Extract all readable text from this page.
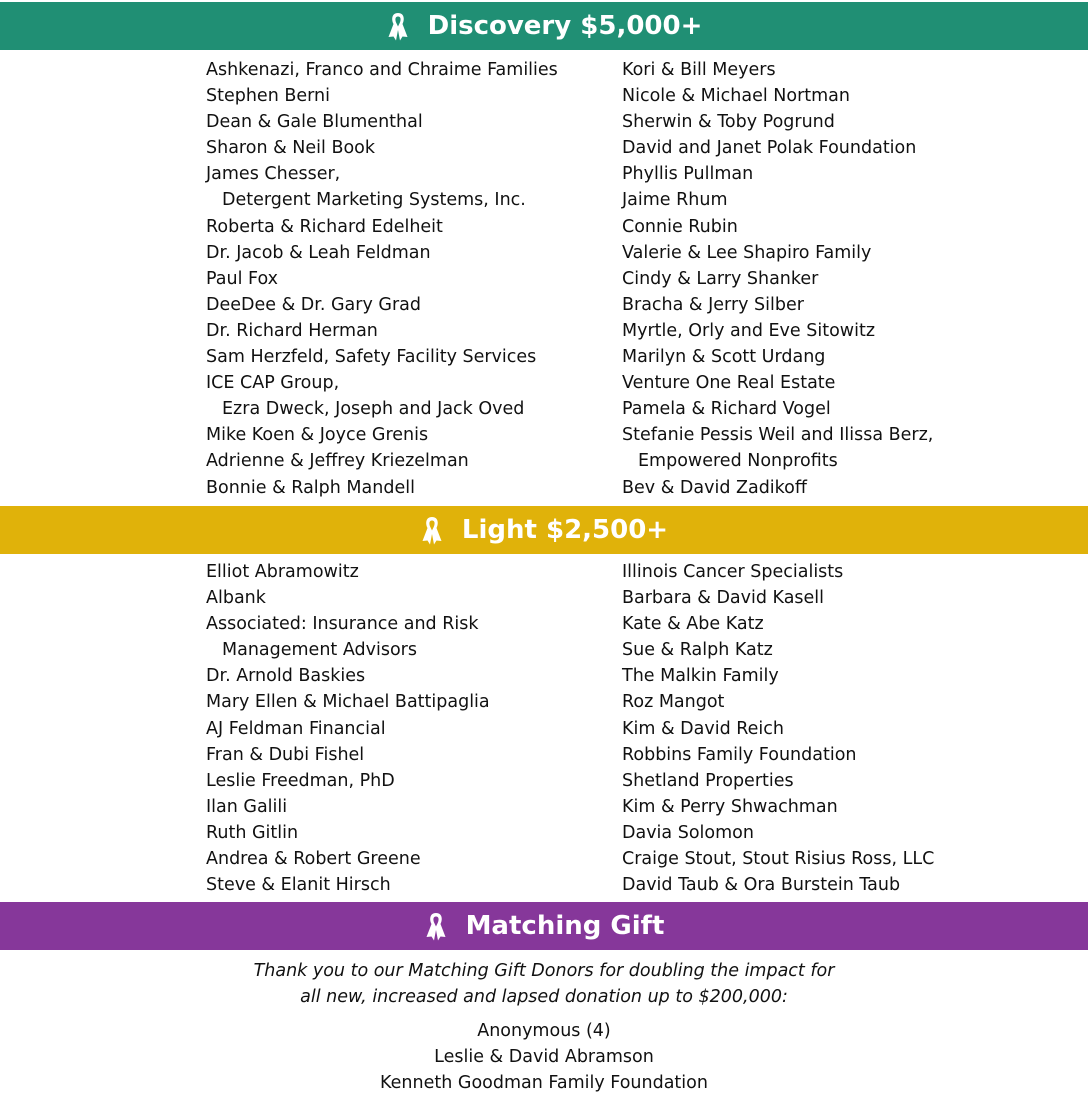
Discovery $5,000+
Ashkenazi, Franco and Chraime Families
Stephen Berni
Dean & Gale Blumenthal
Sharon & Neil Book
James Chesser,
Detergent Marketing Systems, Inc.
Roberta & Richard Edelheit
Dr. Jacob & Leah Feldman
Paul Fox
DeeDee & Dr. Gary Grad
Dr. Richard Herman
Sam Herzfeld, Safety Facility Services
ICE CAP Group,
Ezra Dweck, Joseph and Jack Oved
Mike Koen & Joyce Grenis
Adrienne & Jeffrey Kriezelman
Bonnie & Ralph Mandell
Kori & Bill Meyers
Nicole & Michael Nortman
Sherwin & Toby Pogrund
David and Janet Polak Foundation
Phyllis Pullman
Jaime Rhum
Connie Rubin
Valerie & Lee Shapiro Family
Cindy & Larry Shanker
Bracha & Jerry Silber
Myrtle, Orly and Eve Sitowitz
Marilyn & Scott Urdang
Venture One Real Estate
Pamela & Richard Vogel
Stefanie Pessis Weil and Ilissa Berz,
Empowered Nonprofits
Bev & David Zadikoff
Light $2,500+
Elliot Abramowitz
Albank
Associated: Insurance and Risk
Management Advisors
Dr. Arnold Baskies
Mary Ellen & Michael Battipaglia
AJ Feldman Financial
Fran & Dubi Fishel
Leslie Freedman, PhD
Ilan Galili
Ruth Gitlin
Andrea & Robert Greene
Steve & Elanit Hirsch
Illinois Cancer Specialists
Barbara & David Kasell
Kate & Abe Katz
Sue & Ralph Katz
The Malkin Family
Roz Mangot
Kim & David Reich
Robbins Family Foundation
Shetland Properties
Kim & Perry Shwachman
Davia Solomon
Craige Stout, Stout Risius Ross, LLC
David Taub & Ora Burstein Taub
Matching Gift
Thank you to our Matching Gift Donors for doubling the impact for
all new, increased and lapsed donation up to $200,000:
Anonymous (4)
Leslie & David Abramson
Kenneth Goodman Family Foundation
